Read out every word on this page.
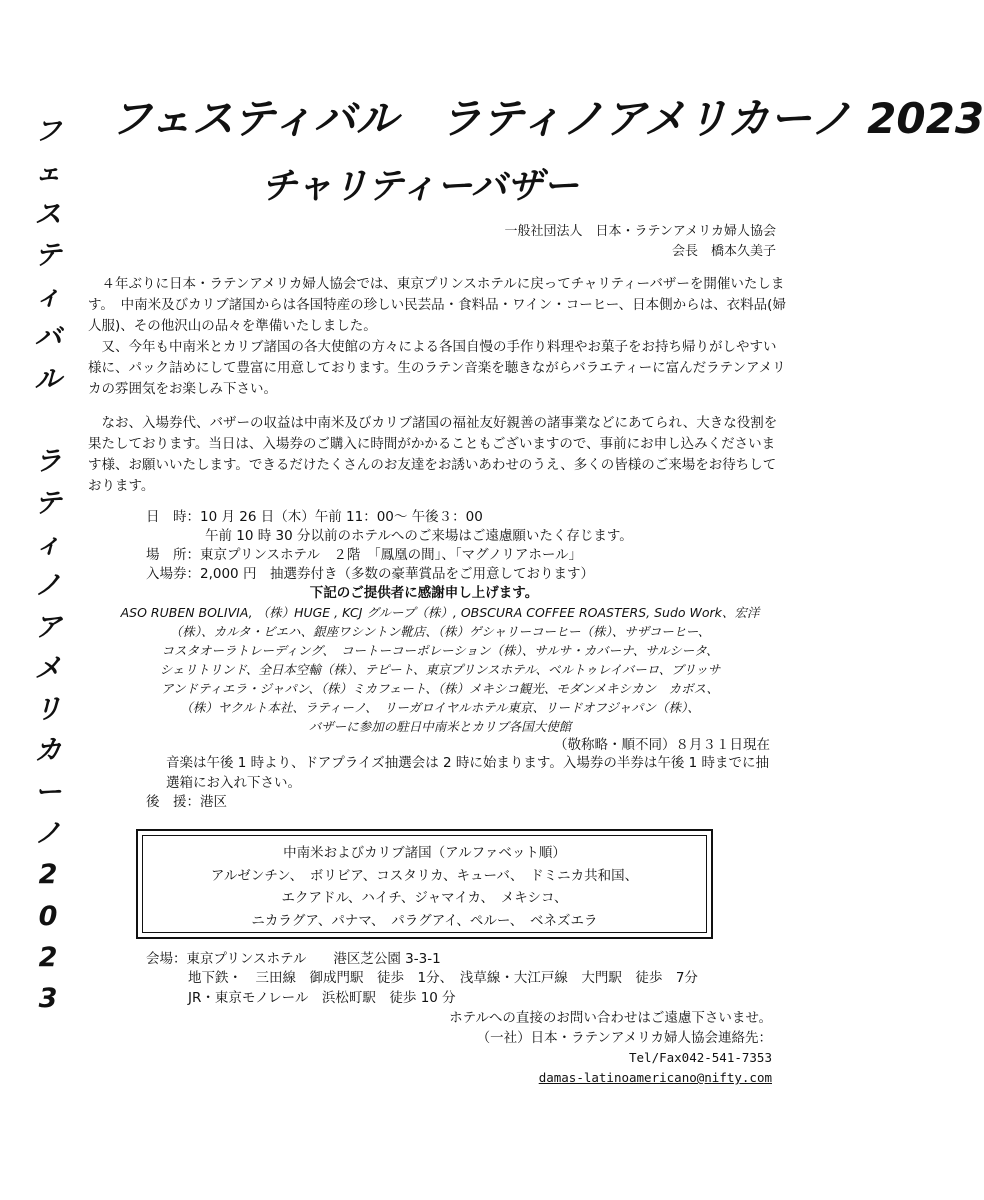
フ
ェ
ス
テ
ィ
バ
ル

ラ
テ
ィ
ノ
ア
メ
リ
カ
ー
ノ
2
0
2
3
フェスティバル　ラティノアメリカーノ 2023
チャリティーバザー
一般社団法人　日本・ラテンアメリカ婦人協会
会長　橋本久美子

４年ぶりに日本・ラテンアメリカ婦人協会では、東京プリンスホテルに戻ってチャリティーバザーを開催いたします。　中南米及びカリブ諸国からは各国特産の珍しい民芸品・食料品・ワイン・コーヒー、日本側からは、衣料品(婦人服)、その他沢山の品々を準備いたしました。

又、今年も中南米とカリブ諸国の各大使館の方々による各国自慢の手作り料理やお菓子をお持ち帰りがしやすい様に、パック詰めにして豊富に用意しております。生のラテン音楽を聴きながらバラエティーに富んだラテンアメリカの雰囲気をお楽しみ下さい。

なお、入場券代、バザーの収益は中南米及びカリブ諸国の福祉友好親善の諸事業などにあてられ、大きな役割を果たしております。当日は、入場券のご購入に時間がかかることもございますので、事前にお申し込みくださいます様、お願いいたします。できるだけたくさんのお友達をお誘いあわせのうえ、多くの皆様のご来場をお待ちしております。

日　時：10 月 26 日（木）午前 11：00～ 午後３：00
午前 10 時 30 分以前のホテルへのご来場はご遠慮願いたく存じます。
場　所：東京プリンスホテル　２階　「鳳凰の間」、「マグノリアホール」
入場券：2,000 円　抽選券付き（多数の豪華賞品をご用意しております）
下記のご提供者に感謝申し上げます。
ASO RUBEN BOLIVIA, （株）HUGE , KCJ グループ（株）, OBSCURA COFFEE ROASTERS, Sudo Work、宏洋
（株）、カルタ・ビエハ、銀座ワシントン靴店、（株）ゲシャリーコーヒー（株）、サザコーヒー、
コスタオーラトレーディング、　コートーコーポレーション（株）、サルサ・カバーナ、サルシータ、
シェリトリンド、全日本空輸（株）、テピート、東京プリンスホテル、ベルトゥレイバーロ、ブリッサ
アンドティエラ・ジャパン、（株）ミカフェート、（株）メキシコ観光、モダンメキシカン　カボス、
（株）ヤクルト本社、ラティーノ、　リーガロイヤルホテル東京、リードオフジャパン（株）、
バザーに参加の駐日中南米とカリブ各国大使館
（敬称略・順不同）８月３１日現在
音楽は午後 1 時より、ドアプライズ抽選会は 2 時に始まります。入場券の半券は午後 1 時までに抽選箱にお入れ下さい。
後　援：港区
中南米およびカリブ諸国（アルファベット順）
アルゼンチン、　ボリビア、コスタリカ、キューバ、　ドミニカ共和国、
エクアドル、ハイチ、ジャマイカ、　メキシコ、
ニカラグア、パナマ、　パラグアイ、ペルー、　ベネズエラ
会場：東京プリンスホテル　　港区芝公園 3-3-1
地下鉄・　三田線　御成門駅　徒歩　1分、　浅草線・大江戸線　大門駅　徒歩　7分
JR・東京モノレール　浜松町駅　徒歩 10 分
ホテルへの直接のお問い合わせはご遠慮下さいませ。
（一社）日本・ラテンアメリカ婦人協会連絡先：
Tel/Fax042-541-7353
damas-latinoamericano@nifty.com
